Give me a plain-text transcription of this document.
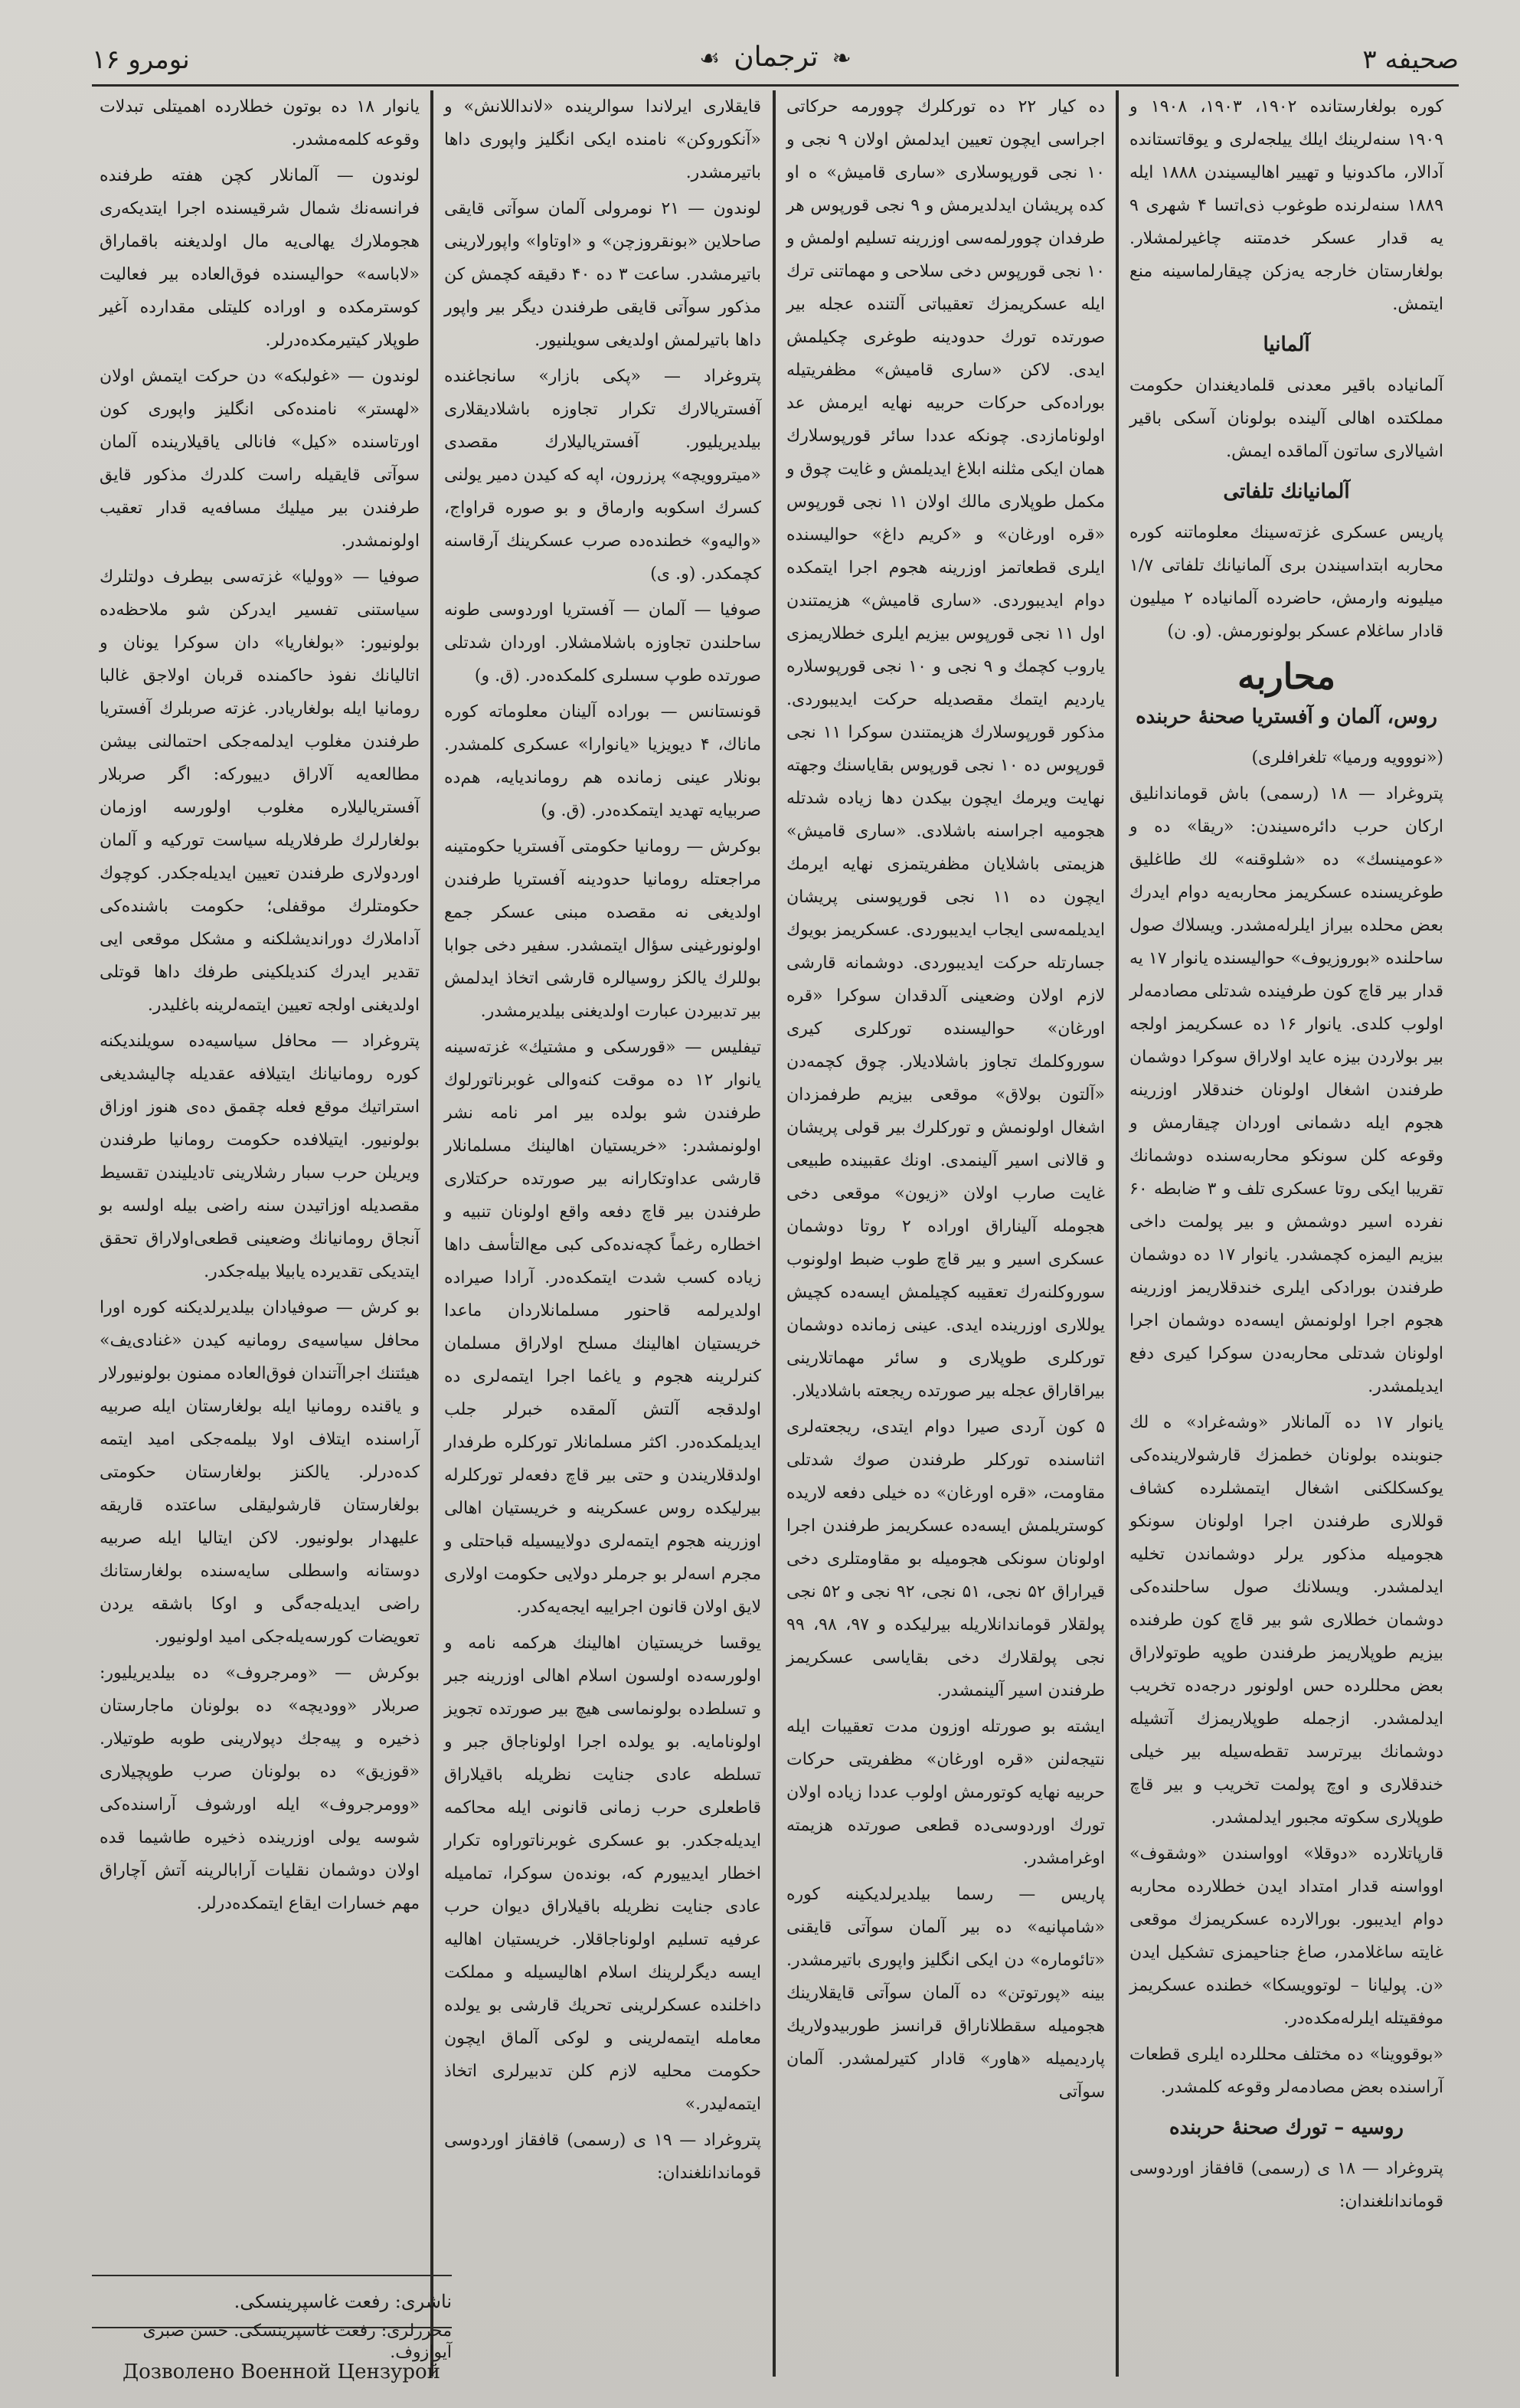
نومرو ۱۶	❧ترجمان☙	صحیفه ۳

کوره بولغارستانده ۱۹۰۲، ۱۹۰۳، ۱۹۰۸ و ۱۹۰۹ سنه‌لرینك ایلك ییلجه‌لری و یوقاتستانده آدالار، ماکدونیا و تهییر اهالیسیندن ۱۸۸۸ ایله ۱۸۸۹ سنه‌لرنده طوغوب ذی‌اتسا ۴ شهری ۹ یه قدار عسکر خدمتنه چاغیرلمشلار. بولغارستان خارجه یه‌زکن چیقارلماسینه منع ایتمش.

آلمانیا

آلمانیاده باقیر معدنی قلمادیغندان حکومت مملکتده اهالی آلینده بولونان آسکی باقیر اشیالاری ساتون آلماقده ایمش.

آلمانیانك تلفاتی

پاریس عسکری غزته‌سینك معلوماتنه کوره محاربه ابتداسیندن بری آلمانیانك تلفاتی ۱/۷ میلیونه وارمش، حاضرده آلمانیاده ۲ میلیون قادار ساغلام عسکر بولونورمش. (و. ن)

محاربه
روس، آلمان و آفستریا صحنهٔ حربنده

(«نووویه ورمیا» تلغرافلری)

پتروغراد — ۱۸ (رسمی) باش قوماندانلیق ارکان حرب دائره‌سیندن: «ریقا» ده و «عومینسك» ده «شلوقنه» لك طاغلیق طوغریسنده عسکریمز محاربه‌یه دوام ایدرك بعض محلده بیراز ایلرله‌مشدر. ویسلاك صول ساحلنده «بوروزیوف» حوالیسنده یانوار ۱۷ یه قدار بیر قاچ کون طرفینده شدتلی مصادمه‌لر اولوب کلدی. یانوار ۱۶ ده عسکریمز اولجه بیر بولاردن بیزه عاید اولاراق سوکرا دوشمان طرفندن اشغال اولونان خندقلار اوزرینه هجوم ایله دشمانی اوردان چیقارمش و وقوعه کلن سونکو محاربه‌سنده دوشمانك تقریبا ایکی روتا عسکری تلف و ۳ ضابطه ۶۰ نفرده اسیر دوشمش و بیر پولمت داخی بیزیم الیمزه کچمشدر. یانوار ۱۷ ده دوشمان طرفندن بورادکی ایلری خندقلاریمز اوزرینه هجوم اجرا اولونمش ایسه‌ده دوشمان اجرا اولونان شدتلی محاربه‌دن سوکرا کیری دفع ایدیلمشدر.

یانوار ۱۷ ده آلمانلار «وشه‌غراد» ه لك جنوبنده بولونان خطمزك قارشولارینده‌کی یوکسکلکنی اشغال ایتمشلرده کشاف قوللاری طرفندن اجرا اولونان سونکو هجومیله مذکور یرلر دوشماندن تخلیه ایدلمشدر. ویسلانك صول ساحلنده‌کی دوشمان خطلاری شو بیر قاچ کون طرفنده بیزیم طوپلاریمز طرفندن طوپه طوتولاراق بعض محللرده حس اولونور درجه‌ده تخریب ایدلمشدر. ازجمله طوپلاریمزك آتشیله دوشمانك بیرترسد تقطه‌سیله بیر خیلی خندقلاری و اوچ پولمت تخریب و بیر قاچ طوپلاری سکوته مجبور ایدلمشدر.

قارپاتلارده «دوقلا» اوواسندن «وشقوف» اوواسنه قدار امتداد ایدن خطلارده محاربه دوام ایدیبور. بورالارده عسکریمزك موقعی غایته ساغلامدر، صاغ جناحیمزی تشکیل ایدن «ن. پولیانا – لوتوویسکا» خطنده عسکریمز موفقیتله ایلرله‌مکده‌در.

«بوقووینا» ده مختلف محللرده ایلری قطعات آراسنده بعض مصادمه‌لر وقوعه کلمشدر.

روسیه – تورك صحنهٔ حربنده

پتروغراد — ۱۸ ی (رسمی) قافقاز اوردوسی قوماندانلغندان:

ده کیار ۲۲ ده تورکلرك چوورمه حرکاتی اجراسی ایچون تعیین ایدلمش اولان ۹ نجی و ۱۰ نجی قورپوسلاری «ساری قامیش» ه او کده پریشان ایدلدیرمش و ۹ نجی قورپوس هر طرفدان چوورلمه‌سی اوزرینه تسلیم اولمش و ۱۰ نجی قورپوس دخی سلاحی و مهماتنی ترك ایله عسکریمزك تعقیباتی آلتنده عجله بیر صورتده تورك حدودینه طوغری چکیلمش ایدی. لاکن «ساری قامیش» مظفریتیله بوراده‌کی حرکات حربیه نهایه ایرمش عد اولونامازدی. چونکه عددا سائر قورپوسلارك همان ایکی مثلنه ابلاغ ایدیلمش و غایت چوق و مکمل طوپلاری مالك اولان ۱۱ نجی قورپوس «قره اورغان» و «کریم داغ» حوالیسنده ایلری قطعاتمز اوزرینه هجوم اجرا ایتمکده دوام ایدیبوردی. «ساری قامیش» هزیمتندن اول ۱۱ نجی قورپوس بیزیم ایلری خطلاریمزی یاروب کچمك و ۹ نجی و ۱۰ نجی قورپوسلاره یاردیم ایتمك مقصدیله حرکت ایدیبوردی. مذکور قورپوسلارك هزیمتندن سوکرا ۱۱ نجی قورپوس ده ۱۰ نجی قورپوس بقایاسنك وجهته نهایت ویرمك ایچون بیکدن دها زیاده شدتله هجومیه اجراسنه باشلادی. «ساری قامیش» هزیمتی باشلایان مظفریتمزی نهایه ایرمك ایچون ده ۱۱ نجی قورپوسنی پریشان ایدیلمه‌سی ایجاب ایدیبوردی. عسکریمز بویوك جسارتله حرکت ایدیبوردی. دوشمانه قارشی لازم اولان وضعینی آلدقدان سوکرا «قره اورغان» حوالیسنده تورکلری کیری سوروکلمك تجاوز باشلادیلار. چوق کچمه‌دن «آلتون بولاق» موقعی بیزیم طرفمزدان اشغال اولونمش و تورکلرك بیر قولی پریشان و قالانی اسیر آلینمدی. اونك عقبینده طبیعی غایت صارب اولان «زیون» موقعی دخی هجومله آلیناراق اوراده ۲ روتا دوشمان عسکری اسیر و بیر قاچ طوب ضبط اولونوب سوروکلنه‌رك تعقیبه کچیلمش ایسه‌ده کچیش یوللاری اوزرینده ایدی. عینی زمانده دوشمان تورکلری طوپلاری و سائر مهماتلارینی بیراقاراق عجله بیر صورتده ریجعته باشلادیلار.

۵ کون آردی صیرا دوام ایتدی، ریجعته‌لری اثناسنده تورکلر طرفندن صوك شدتلی مقاومت، «قره اورغان» ده خیلی دفعه لاریده کوستریلمش ایسه‌ده عسکریمز طرفندن اجرا اولونان سونکی هجومیله بو مقاومتلری دخی قیراراق ۵۲ نجی، ۵۱ نجی، ۹۲ نجی و ۵۲ نجی پولقلار قوماندانلاریله بیرلیکده و ۹۷، ۹۸، ۹۹ نجی پولقلارك دخی بقایاسی عسکریمز طرفندن اسیر آلینمشدر.

ایشته بو صورتله اوزون مدت تعقیبات ایله نتیجه‌لنن «قره اورغان» مظفریتی حرکات حربیه نهایه کوتورمش اولوب عددا زیاده اولان تورك اوردوسی‌ده قطعی صورتده هزیمته اوغرامشدر.

پاریس — رسما بیلدیرلدیکینه کوره «شامپانیه» ده بیر آلمان سوآتی قایقنی «تائوماره» دن ایکی انگلیز واپوری باتیرمشدر. بینه «پورتوتن» ده آلمان سوآتی قایقلارینك هجومیله سقطلاناراق قرانسز طوربیدولاریك پاردیمیله «هاور» قادار کتیرلمشدر. آلمان سوآتی

قایقلاری ایرلاندا سوالرینده «لانداللانش» و «آنکوروکن» نامنده ایکی انگلیز واپوری داها باتیرمشدر.

لوندون — ۲۱ نومرولی آلمان سوآتی قایقی صاحلاین «بونقروزچن» و «اوتاوا» واپورلارینی باتیرمشدر. ساعت ۳ ده ۴۰ دقیقه کچمش کن مذکور سوآتی قایقی طرفندن دیگر بیر واپور داها باتیرلمش اولدیغی سویلنیور.

پتروغراد — «پکی بازار» سانجاغنده آفستریالارك تکرار تجاوزه باشلادیقلاری بیلدیریلیور. آفستریالیلارك مقصدی «میتروویچه» پرزرون، اپه که کیدن دمیر یولنی کسرك اسکوبه وارماق و بو صوره قراواج، «والیه‌و» خطنده‌ده صرب عسکرینك آرقاسنه کچمکدر. (و. ی)

صوفیا — آلمان — آفستریا اوردوسی طونه ساحلندن تجاوزه باشلامشلار. اوردان شدتلی صورتده طوپ سسلری کلمکده‌در. (ق. و)

قونستانس — بوراده آلینان معلوماته کوره ماناك، ۴ دیویزیا «یانوارا» عسکری کلمشدر. بونلار عینی زمانده هم روماندیایه، هم‌ده صربیایه تهدید ایتمکده‌در. (ق. و)

بوکرش — رومانیا حکومتی آفستریا حکومتینه مراجعتله رومانیا حدودینه آفستریا طرفندن اولدیغی نه مقصده مبنی عسکر جمع اولونورغینی سؤال ایتمشدر. سفیر دخی جوابا بوللرك یالکز روسیالره قارشی اتخاذ ایدلمش بیر تدبیردن عبارت اولدیغنی بیلدیرمشدر.

تیفلیس — «قورسکی و مشتیك» غزته‌سینه یانوار ۱۲ ده موقت کنه‌والی غوبرناتورلوك طرفندن شو بولده بیر امر نامه نشر اولونمشدر: «خریستیان اهالینك مسلمانلار قارشی عداوتکارانه بیر صورتده حرکتلاری طرفندن بیر قاچ دفعه واقع اولونان تنبیه و اخطاره رغماً کچه‌نده‌کی کبی مع‌التأسف داها زیاده کسب شدت ایتمکده‌در. آرادا صیراده اولدیرلمه قاحنور مسلمانلاردان ماعدا خریستیان اهالینك مسلح اولاراق مسلمان کنرلرینه هجوم و یاغما اجرا ایتمه‌لری ده اولدقجه آلتش آلمقده خبرلر جلب ایدیلمکده‌در. اکثر مسلمانلار تورکلره طرفدار اولدقلاریندن و حتی بیر قاچ دفعه‌لر تورکلرله بیرلیکده روس عسکرینه و خریستیان اهالی اوزرینه هجوم ایتمه‌لری دولاییسیله قباحتلی و مجرم اسه‌لر بو جرملر دولایی حکومت اولاری لایق اولان قانون اجراییه ایجه‌یه‌کدر.

یوقسا خریستیان اهالینك هرکمه نامه و اولورسه‌ده اولسون اسلام اهالی اوزرینه جبر و تسلط‌ده بولونماسی هیچ بیر صورتده تجویز اولونامایه. بو یولده اجرا اولوناجاق جبر و تسلطه عادی جنایت نظریله باقیلاراق قاطعلری حرب زمانی قانونی ایله محاکمه ایدیله‌جکدر. بو عسکری غوبرناتوراوه تکرار اخطار ایدییورم که، بونده‌ن سوکرا، تمامیله عادی جنایت نظریله باقیلاراق دیوان حرب عرفیه تسلیم اولوناجاقلار. خریستیان اهالیه ایسه دیگرلرینك اسلام اهالیسیله و مملکت داخلنده عسکرلرینی تحریك قارشی بو یولده معامله ایتمه‌لرینی و لوکی آلماق ایچون حکومت محلیه لازم کلن تدبیرلری اتخاذ ایتمه‌لیدر.»

پتروغراد — ۱۹ ی (رسمی) قافقاز اوردوسی قوماندانلغندان:

یانوار ۱۸ ده بوتون خطلارده اهمیتلی تبدلات وقوعه کلمه‌مشدر.

لوندون — آلمانلار کچن هفته طرفنده فرانسه‌نك شمال شرقیسنده اجرا ایتدیکه‌ری هجوملارك یهالی‌یه مال اولدیغنه باقماراق «لاباسه» حوالیسنده فوق‌العاده بیر فعالیت کوسترمکده و اوراده کلیتلی مقدارده آغیر طوپلار کیتیرمکده‌درلر.

لوندون — «غولبکه» دن حرکت ایتمش اولان «لهستر» نامنده‌کی انگلیز واپوری کون اورتاسنده «کیل» فانالی یاقیلارینده آلمان سوآتی قایقیله راست کلدرك مذکور قایق طرفندن بیر میلیك مسافه‌یه قدار تعقیب اولونمشدر.

صوفیا — «وولیا» غزته‌سی بیطرف دولتلرك سیاستنی تفسیر ایدرکن شو ملاحظه‌ده بولونیور: «بولغاریا» دان سوکرا یونان و اتالیانك نفوذ حاکمنده قربان اولاجق غالبا رومانیا ایله بولغاریادر. غزته صربلرك آفستریا طرفندن مغلوب ایدلمه‌جکی احتمالنی بیشن مطالعه‌یه آلاراق دییورکه: اگر صربلار آفستریالیلاره مغلوب اولورسه اوزمان بولغارلرك طرفلاریله سیاست تورکیه و آلمان اوردولاری طرفندن تعیین ایدیله‌جکدر. کوچوك حکومتلرك موقفلی؛ حکومت باشنده‌کی آداملارك دوراندیشلکنه و مشکل موقعی ایی تقدیر ایدرك کندیلکینی طرفك داها قوتلی اولدیغنی اولجه تعیین ایتمه‌لرینه باغلیدر.

پتروغراد — محافل سیاسیه‌ده سویلندیکنه کوره رومانیانك ایتیلافه عقدیله چالیشدیغی استراتیك موقع فعله چقمق ده‌ی هنوز اوزاق بولونیور. ایتیلافده حکومت رومانیا طرفندن ویریلن حرب سبار رشلارینی تادیلیندن تقسیط مقصدیله اوزاتیدن سنه راضی بیله اولسه بو آنجاق رومانیانك وضعینی قطعی‌اولاراق تحقق ایتدیکی تقدیرده یابیلا بیله‌جکدر.

بو کرش — صوفیادان بیلدیرلدیکنه کوره اورا محافل سیاسیه‌ی رومانیه کیدن «غنادی‌یف» هیئتنك اجراآتندان فوق‌العاده ممنون بولونیورلار و یاقنده رومانیا ایله بولغارستان ایله صربیه آراسنده ایتلاف اولا بیلمه‌جکی امید ایتمه کده‌درلر. یالکنز بولغارستان حکومتی بولغارستان قارشولیقلی ساعتده قاریقه علیهدار بولونیور. لاکن ایتالیا ایله صربیه دوستانه واسطلی سایه‌سنده بولغارستانك راضی ایدیله‌جه‌گی و اوکا باشقه یردن تعویضات کورسه‌یله‌جکی امید اولونیور.

بوکرش — «ومرجروف» ده بیلدیریلیور: صربلار «وودیچه» ده بولونان ماجارستان ذخیره و پیه‌جك دپولارینی طوبه طوتیلار. «قوزیق» ده بولونان صرب طوپچیلاری «وومرجروف» ایله اورشوف آراسنده‌کی شوسه یولی اوزرینده ذخیره طاشیما قده اولان دوشمان نقلیات آرابالرینه آتش آچاراق مهم خسارات ایقاع ایتمکده‌درلر.

ناشری: رفعت غاسپرینسکی.
محررلری: رفعت غاسپرینسکی. حسن صبری آیوازوف.
Дозволено Военной Цензурой
